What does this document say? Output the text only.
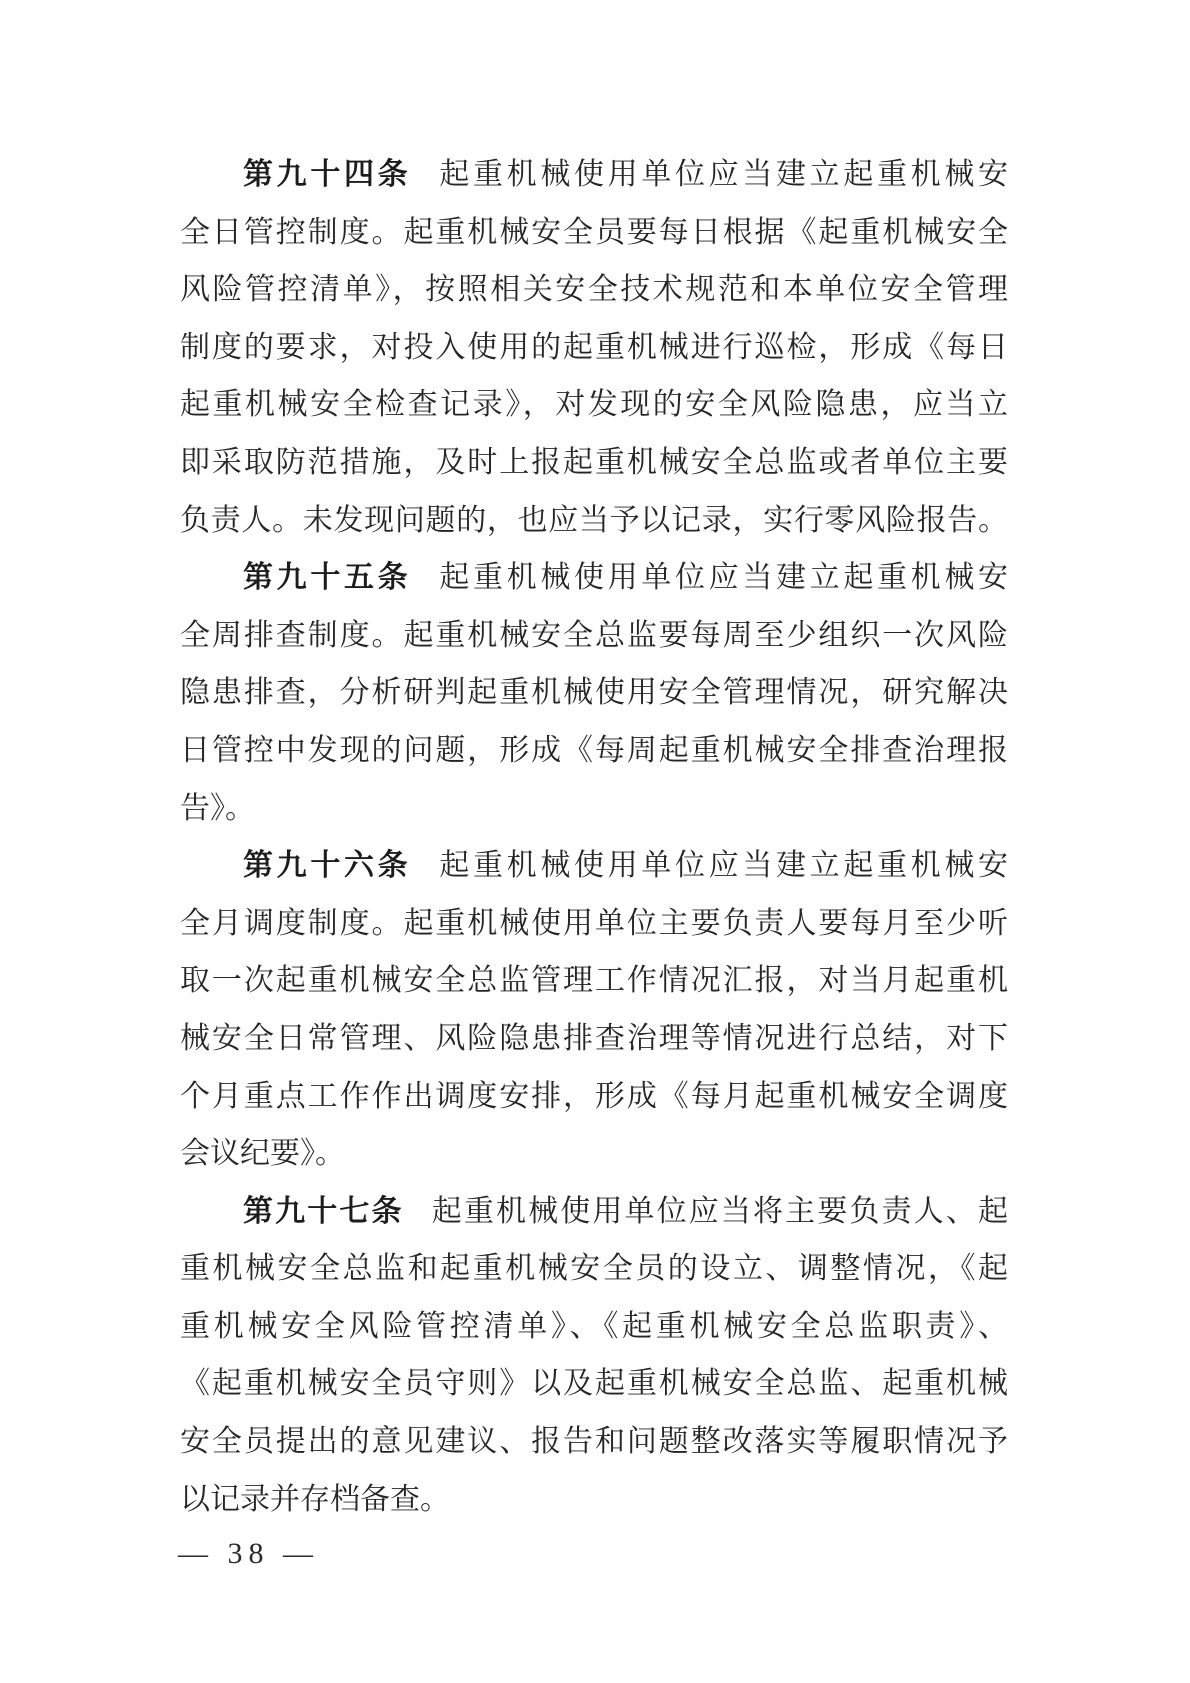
第九十四条 起重机械使用单位应当建立起重机械安
全日管控制度。起重机械安全员要每日根据《起重机械安全
风险管控清单》，按照相关安全技术规范和本单位安全管理
制度的要求，对投入使用的起重机械进行巡检，形成《每日
起重机械安全检查记录》，对发现的安全风险隐患，应当立
即采取防范措施，及时上报起重机械安全总监或者单位主要
负责人。未发现问题的，也应当予以记录，实行零风险报告。
第九十五条 起重机械使用单位应当建立起重机械安
全周排查制度。起重机械安全总监要每周至少组织一次风险
隐患排查，分析研判起重机械使用安全管理情况，研究解决
日管控中发现的问题，形成《每周起重机械安全排查治理报
告》。
第九十六条 起重机械使用单位应当建立起重机械安
全月调度制度。起重机械使用单位主要负责人要每月至少听
取一次起重机械安全总监管理工作情况汇报，对当月起重机
械安全日常管理、风险隐患排查治理等情况进行总结，对下
个月重点工作作出调度安排，形成《每月起重机械安全调度
会议纪要》。
第九十七条 起重机械使用单位应当将主要负责人、起
重机械安全总监和起重机械安全员的设立、调整情况，《起
重机械安全风险管控清单》、《起重机械安全总监职责》、
《起重机械安全员守则》以及起重机械安全总监、起重机械
安全员提出的意见建议、报告和问题整改落实等履职情况予
以记录并存档备查。
— 38 —
